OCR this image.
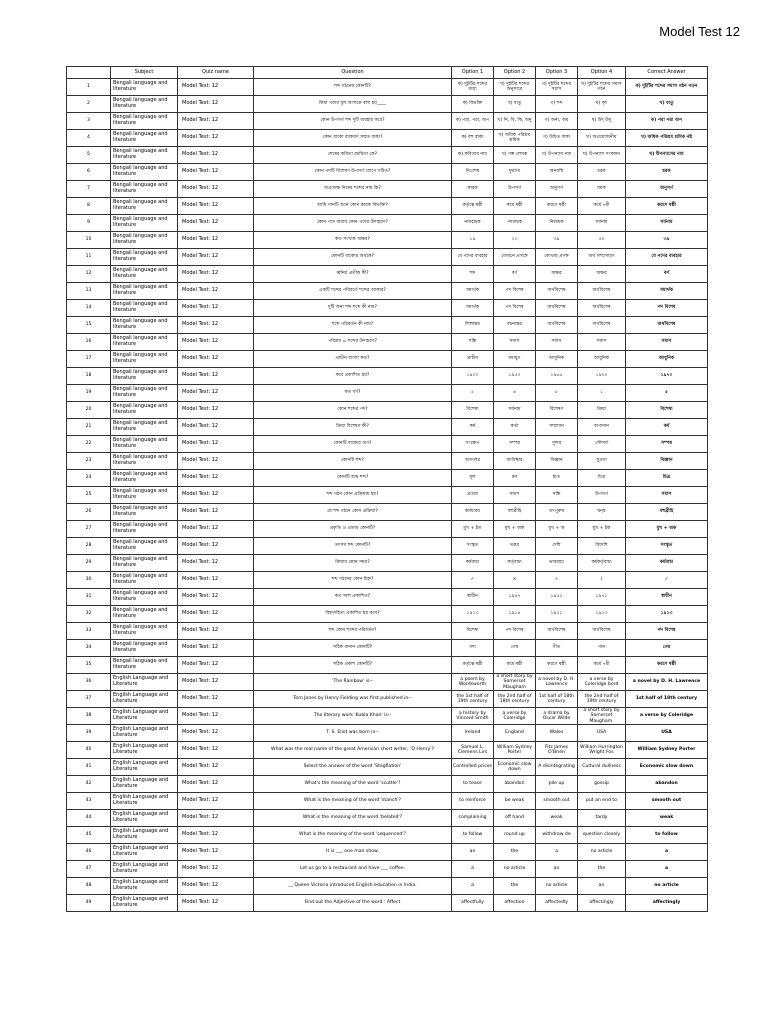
Model Test 12
	Subject	Quiz name	Question	Option 1	Option 2	Option 3	Option 4	Correct Answer
1	Bengali language and literature	Model Test: 12	শব্দ গঠনের কোনটি?	ক) দুইটির শব্দের মধ্যে	খ) দুইটির শব্দের অনুসারে	গ) দুইটির শব্দের সমাস	ঘ) দুইটির শব্দের সমাস গঠন	ক) দুইটির শব্দের সমাস গঠন পড়ন
2	Bengali language and literature	Model Test: 12	কিয়া পদের মূল অংশকে বলা হয়____	ক) বিভক্তি	খ) ধাতু	গ) শব্দ	ঘ) কৃৎ	খ) ধাতু
3	Bengali language and literature	Model Test: 12	কোন উপসর্গ শব্দ দুটি ব্যবহার করে?	ক) পরা, পরা, অপ	খ) নি, বি, কি, অনু	গ) অনা, অব	ঘ) উদ্ উদু	ক) পরা পরা অপ
4	Bengali language and literature	Model Test: 12	কোন বাক্যে ব্যাকরণ সম্মত বাক্য?	ক) বহু বাক্য	খ) অধিক পরিশ্রম শ্রমিক	গ) উচিত বাক্য	ঘ) অপ্রয়োজনীয়	খ) অধিক পরিশ্রম শ্রমিক নষ্ট
5	Bengali language and literature	Model Test: 12	শেষের কবিতা রচয়িতা কে?	ক) কবিতার নাম	খ) গল্প লেখক	গ) উপন্যাস নাম	ঘ) উপন্যাস সংকলন	ঘ) উপন্যাসের নাম
6	Bengali language and literature	Model Test: 12	কোন পদটি বিশেষণ উপসর্গ যোগে গঠিত?	নিঃশেষ	দুর্ভাগ্য	অনবস্থি	চরক	চরক
7	Bengali language and literature	Model Test: 12	অপ্রত্যক্ষ নিষেধ শব্দের নাম কি?	কারক	উপসর্গ	অনুসর্গ	যমক	অনুসর্গ
8	Bengali language and literature	Model Test: 12	আমি গানটি শুনে কোন কারক বিভক্তি?	কর্তৃত্বে ষষ্ঠী	কর্মে ষষ্ঠী	করণে ষষ্ঠী	কর্মে ৭মী	করণে ষষ্ঠী
9	Bengali language and literature	Model Test: 12	কোন পদে অব্যয় কোন পদের উদাহরণ?	নামবাচক	পদবাচক	নিষেধক	সর্বনাম	সর্বনাম
10	Bengali language and literature	Model Test: 12	কত সংখ্যক অক্ষর?	১৯	২১	৩৯	৫০	৩৯
11	Bengali language and literature	Model Test: 12	কোনটি বাক্যের অর্থকে?	যে পদের ব্যবহার	যেখানে প্রসঙ্গে	কোথায় প্রসঙ্গ	অর্থ সম্প্রসারণ	যে পদের ব্যবহার
12	Bengali language and literature	Model Test: 12	ধ্বনির প্রতীক কী?	শব্দ	বর্ণ	অক্ষর	অক্ষর	বর্ণ
13	Bengali language and literature	Model Test: 12	একটি শব্দের পরিবর্তে শব্দের আকার?	সমার্থক	পদ বিশেষ	অর্থবিশেষ	অর্থবিশেষ	সমার্থক
14	Bengali language and literature	Model Test: 12	দুটি অন্য শব্দ শব্দে কী নাম?	সমার্থক	পদ বিশেষ	অর্থবিশেষ	অর্থবিশেষ	পদ বিশেষ
15	Bengali language and literature	Model Test: 12	শব্দে পরিবর্তন কী নাম?	লিঙ্গান্তর	বচনান্তর	অর্থবিশেষ	অর্থবিশেষ	অর্থবিশেষ
16	Bengali language and literature	Model Test: 12	পরিশ্রম = শব্দের উদাহরণ?	সন্ধি	সমাস	সমাস	সমাস	সমাস
17	Bengali language and literature	Model Test: 12	প্রাচীন বাংলা কত?	প্রাচীন	মধ্যযুগ	আধুনিক	আধুনিক	আধুনিক
18	Bengali language and literature	Model Test: 12	কবে প্রকাশিত হয়?	১৯০০	১৯৫০	১৯৬৫	১৯৭০	১৯৭০
19	Bengali language and literature	Model Test: 12	কত বর্ণ?	৫	৬	৮	১	৫
20	Bengali language and literature	Model Test: 12	কোন শব্দের পদ?	বিশেষ্য	সর্বনাম	বিশেষণ	ক্রিয়া	বিশেষ্য
21	Bengali language and literature	Model Test: 12	ক্রিয়া বিশেষণ কী?	কর্ম	কর্তা	সম্প্রদান	অপাদান	কর্ম
22	Bengali language and literature	Model Test: 12	কোনটি বাক্যের গুণ?	সংক্ষেপ	সম্পন্ন	সুন্দর	সৌন্দর্য	সম্পন্ন
23	Bengali language and literature	Model Test: 12	কোনটি শব্দ?	অসংলগ্ন	আবিষ্কার	বিজ্ঞান	সুপ্রাণ	বিজ্ঞান
24	Bengali language and literature	Model Test: 12	কোনটি শুদ্ধ শব্দ?	মূল	মন	হাত	চিত্র	চিত্র
25	Bengali language and literature	Model Test: 12	শব্দ গঠন কোন প্রক্রিয়ায় হয়?	প্রত্যয়	সমাস	সন্ধি	উপসর্গ	সমাস
26	Bengali language and literature	Model Test: 12	যে শব্দ গঠনে কোন প্রক্রিয়া?	কর্মধারয়	বহুব্রীহি	তৎপুরুষ	দ্বন্দ্ব	বহুব্রীহি
27	Bengali language and literature	Model Test: 12	প্রকৃতি ও প্রত্যয় কোনটি?	মুখ + ইত	মুখ + অক	মুখ + অ	মুখ + ইক	মুখ + অক
28	Bengali language and literature	Model Test: 12	তৎসম শব্দ কোনটি?	সংস্কৃত	তদ্ভব	দেশি	বিদেশি	সংস্কৃত
29	Bengali language and literature	Model Test: 12	ক্রিয়ার কোন সময়?	কর্মবাচ্য	কর্তৃবাচ্য	ভাববাচ্য	কর্মকর্তৃবাচ্য	কর্মবাচ্য
30	Bengali language and literature	Model Test: 12	শব্দ গঠনের কোন চিহ্ন?	✓	×	÷	/	✓
31	Bengali language and literature	Model Test: 12	কত সাল প্রকাশিত?	স্বাধীন	১৯৪৭	১৯৫২	১৯৭১	স্বাধীন
32	Bengali language and literature	Model Test: 12	বিশ্বসাহিত্য প্রকাশিত হয় কবে?	১৯১৩	১৯১৪	১৯২১	১৯২৩	১৯১৩
33	Bengali language and literature	Model Test: 12	শব্দ কোন শব্দের পরিবর্তন?	বিশেষ্য	পদ বিশেষ	অর্থবিশেষ	অর্থবিশেষ	পদ বিশেষ
34	Bengali language and literature	Model Test: 12	সঠিক বানান কোনটি?	গদ্য	গেয়	গীত	গান	গেয়
35	Bengali language and literature	Model Test: 12	সঠিক প্রকাশ কোনটি?	কর্তৃত্বে ষষ্ঠী	কর্মে ষষ্ঠী	করণে ষষ্ঠী	কর্মে ৭মী	করণে ষষ্ঠী
36	English Language and Literature	Model Test: 12	'The Rainbow' is--	a poem by Wordsworth	a short story by Somerset Maugham	a novel by D. H. Lawrence	a verse by Coleridge bord	a novel by D. H. Lawrence
37	English Language and Literature	Model Test: 12	Tom Jones by Henry Fielding was first published in--	the 1st half of 19th century	the 2nd half of 18th century	1st half of 18th century	the 2nd half of 19th century	1st half of 18th century
38	English Language and Literature	Model Test: 12	The literary work 'Kubla Khan' is--	a history by Vincent Smith	a verse by Coleridge	a drama by Oscar Wilde	a short story by Somerset Maugham.	a verse by Coleridge
39	English Language and Literature	Model Test: 12	T. S. Eliot was born in--	Ireland	England	Wales	USA	USA
40	English Language and Literature	Model Test: 12	What was the real name of the great American short writer, 'O Henry'?	Samuel L. Clemens Lirs	William Sydney Porter	Fitz James O'Brien	William Hurrington Wright Fos	William Sydney Porter
41	English Language and Literature	Model Test: 12	Select the answer of the word 'Stagflation'	Controlled prices	Economic slow down	A disintegrating	Cultural dullness	Economic slow down
42	English Language and Literature	Model Test: 12	What's the meaning of the word 'scuttle'?	to tease	abandon	pile up	gossip	abandon
43	English Language and Literature	Model Test: 12	What is the meaning of the word 'stanch'?	to reinforce	be weak	smooth out	put an end to	smooth out
44	English Language and Literature	Model Test: 12	What is the meaning of the word 'belated'?	complaining	off hand	weak	tardy	weak
45	English Language and Literature	Model Test: 12	What is the meaning of the word 'sequenced'?	to follow	round up	withdraw de	question closely	to follow
46	English Language and Literature	Model Test: 12	It is ___ one man show.	an	the	a	no article	a
47	English Language and Literature	Model Test: 12	Let us go to a restaurant and have ___ coffee.	a	no article	an	the	a
48	English Language and Literature	Model Test: 12	__ Queen Victoria introduced English education in India.	a	the	no article	an	no article
49	English Language and Literature	Model Test: 12	Find out the Adjective of the word : Affect	affectfully	affection	affectedly	affectingly	affectingly
